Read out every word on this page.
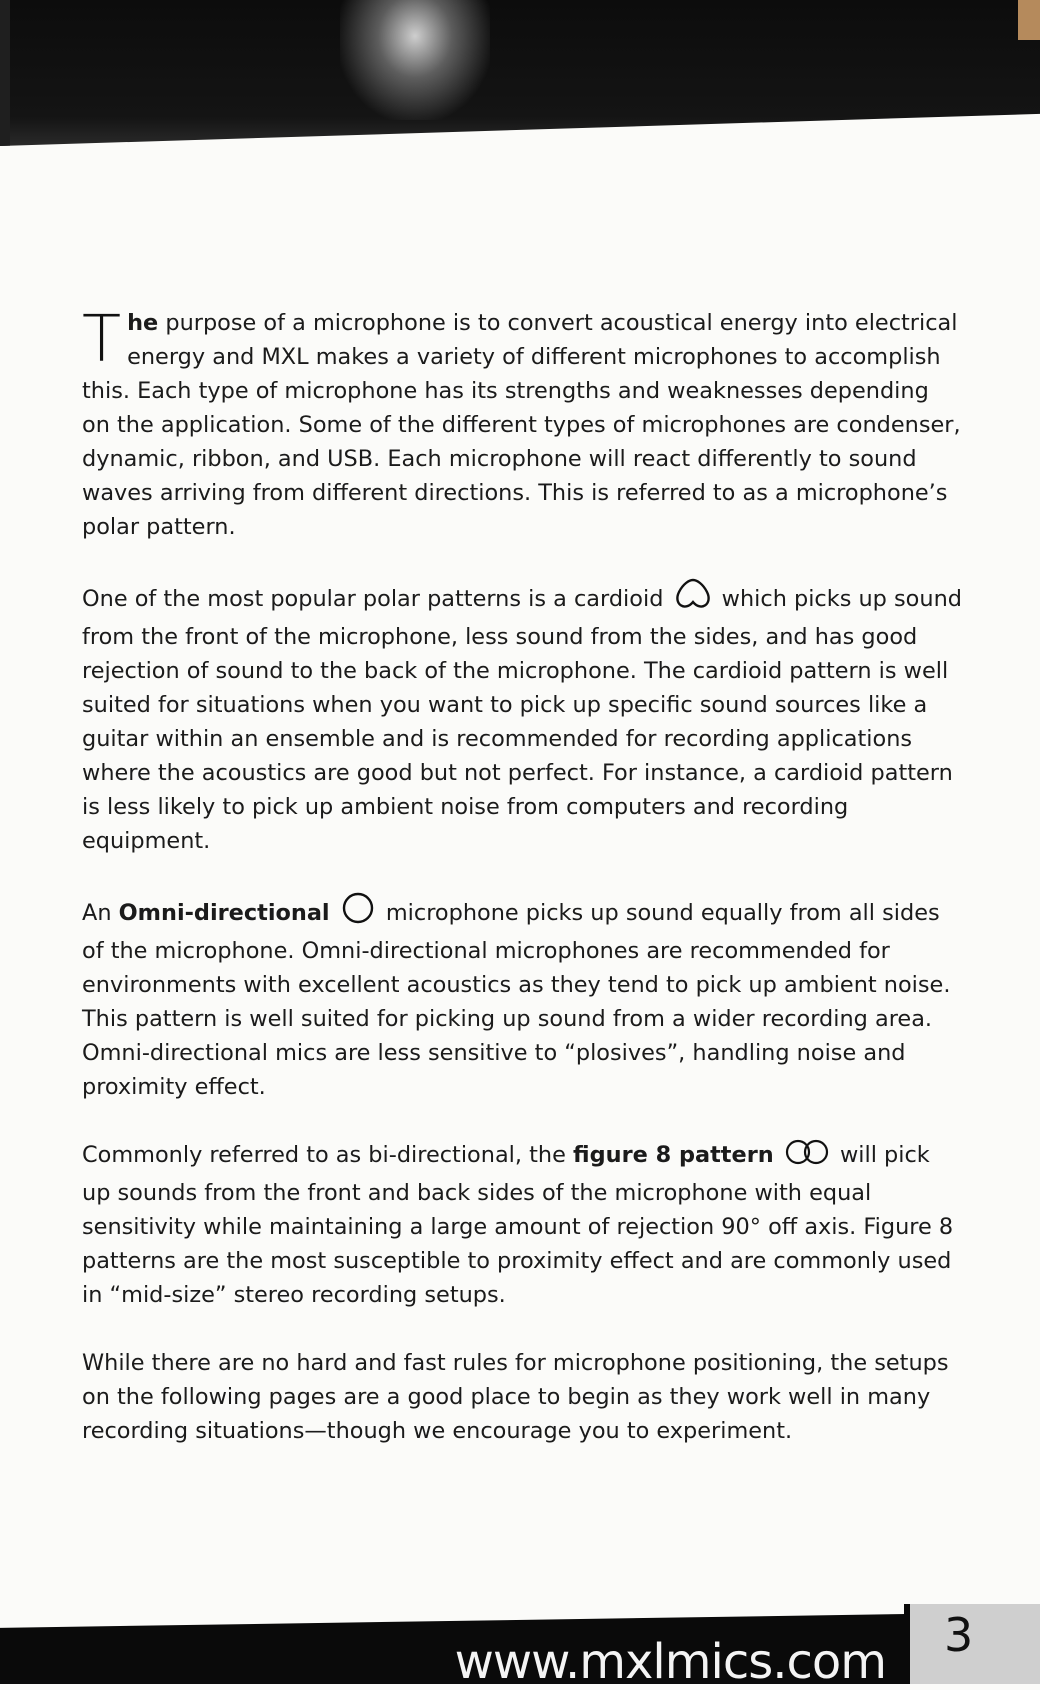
The purpose of a microphone is to convert acoustical energy into electrical energy and MXL makes a variety of different microphones to accomplish this. Each type of microphone has its strengths and weaknesses depending on the application. Some of the different types of microphones are condenser, dynamic, ribbon, and USB. Each microphone will react differently to sound waves arriving from different directions. This is referred to as a microphone’s polar pattern.

One of the most popular polar patterns is a cardioid	which picks up sound from the front of the microphone, less sound from the sides, and has good rejection of sound to the back of the microphone. The cardioid pattern is well suited for situations when you want to pick up specific sound sources like a guitar within an ensemble and is recommended for recording applications where the acoustics are good but not perfect. For instance, a cardioid pattern is less likely to pick up ambient noise from computers and recording equipment.

An Omni-directional	microphone picks up sound equally from all sides of the microphone. Omni-directional microphones are recommended for environments with excellent acoustics as they tend to pick up ambient noise. This pattern is well suited for picking up sound from a wider recording area. Omni-directional mics are less sensitive to “plosives”, handling noise and proximity effect.

Commonly referred to as bi-directional, the figure 8 pattern	will pick up sounds from the front and back sides of the microphone with equal sensitivity while maintaining a large amount of rejection 90° off axis. Figure 8 patterns are the most susceptible to proximity effect and are commonly used in “mid-size” stereo recording setups.

While there are no hard and fast rules for microphone positioning, the setups on the following pages are a good place to begin as they work well in many recording situations—though we encourage you to experiment.

www.mxlmics.com 3
